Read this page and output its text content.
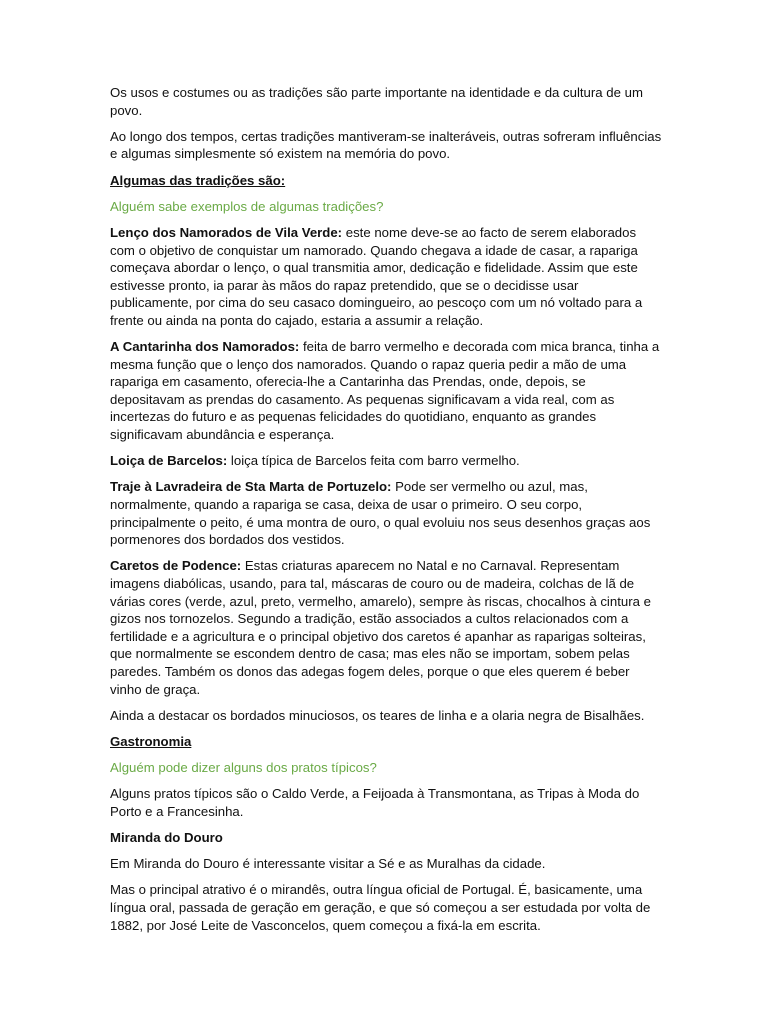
Os usos e costumes ou as tradições são parte importante na identidade e da cultura de um povo.

Ao longo dos tempos, certas tradições mantiveram-se inalteráveis, outras sofreram influências e algumas simplesmente só existem na memória do povo.

Algumas das tradições são:

Alguém sabe exemplos de algumas tradições?

Lenço dos Namorados de Vila Verde: este nome deve-se ao facto de serem elaborados com o objetivo de conquistar um namorado. Quando chegava a idade de casar, a rapariga começava abordar o lenço, o qual transmitia amor, dedicação e fidelidade. Assim que este estivesse pronto, ia parar às mãos do rapaz pretendido, que se o decidisse usar publicamente, por cima do seu casaco domingueiro, ao pescoço com um nó voltado para a frente ou ainda na ponta do cajado, estaria a assumir a relação.

A Cantarinha dos Namorados: feita de barro vermelho e decorada com mica branca, tinha a mesma função que o lenço dos namorados. Quando o rapaz queria pedir a mão de uma rapariga em casamento, oferecia-lhe a Cantarinha das Prendas, onde, depois, se depositavam as prendas do casamento. As pequenas significavam a vida real, com as incertezas do futuro e as pequenas felicidades do quotidiano, enquanto as grandes significavam abundância e esperança.

Loiça de Barcelos: loiça típica de Barcelos feita com barro vermelho.

Traje à Lavradeira de Sta Marta de Portuzelo: Pode ser vermelho ou azul, mas, normalmente, quando a rapariga se casa, deixa de usar o primeiro. O seu corpo, principalmente o peito, é uma montra de ouro, o qual evoluiu nos seus desenhos graças aos pormenores dos bordados dos vestidos.

Caretos de Podence: Estas criaturas aparecem no Natal e no Carnaval. Representam imagens diabólicas, usando, para tal, máscaras de couro ou de madeira, colchas de lã de várias cores (verde, azul, preto, vermelho, amarelo), sempre às riscas, chocalhos à cintura e gizos nos tornozelos. Segundo a tradição, estão associados a cultos relacionados com a fertilidade e a agricultura e o principal objetivo dos caretos é apanhar as raparigas solteiras, que normalmente se escondem dentro de casa; mas eles não se importam, sobem pelas paredes. Também os donos das adegas fogem deles, porque o que eles querem é beber vinho de graça.

Ainda a destacar os bordados minuciosos, os teares de linha e a olaria negra de Bisalhães.

Gastronomia

Alguém pode dizer alguns dos pratos típicos?

Alguns pratos típicos são o Caldo Verde, a Feijoada à Transmontana, as Tripas à Moda do Porto e a Francesinha.

Miranda do Douro

Em Miranda do Douro é interessante visitar a Sé e as Muralhas da cidade.

Mas o principal atrativo é o mirandês, outra língua oficial de Portugal. É, basicamente, uma língua oral, passada de geração em geração, e que só começou a ser estudada por volta de 1882, por José Leite de Vasconcelos, quem começou a fixá-la em escrita.
